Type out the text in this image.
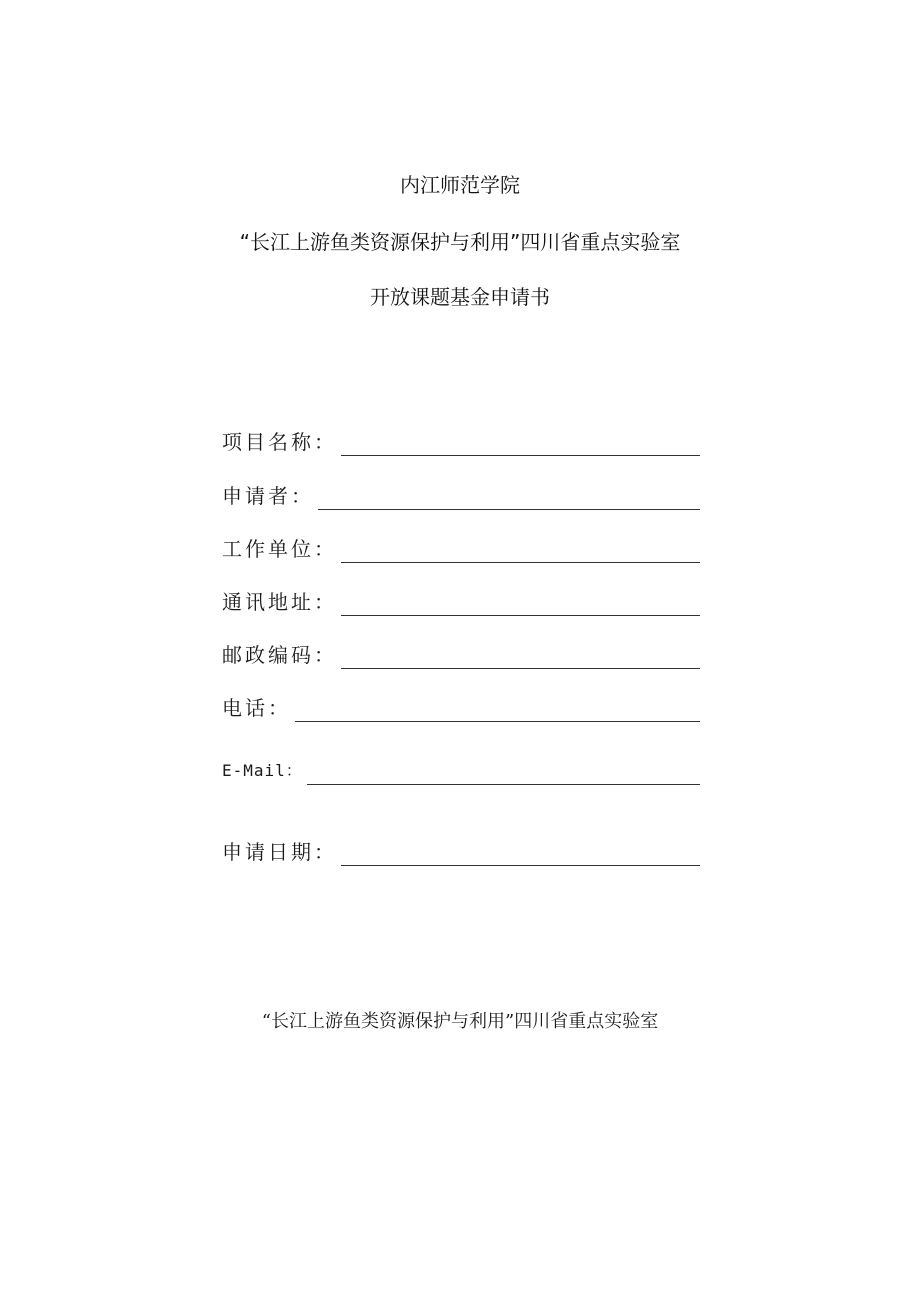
内江师范学院
“长江上游鱼类资源保护与利用”四川省重点实验室
开放课题基金申请书
项目名称：
申请者：
工作单位：
通讯地址：
邮政编码：
电话：
E-Mail：
申请日期：
“长江上游鱼类资源保护与利用”四川省重点实验室
